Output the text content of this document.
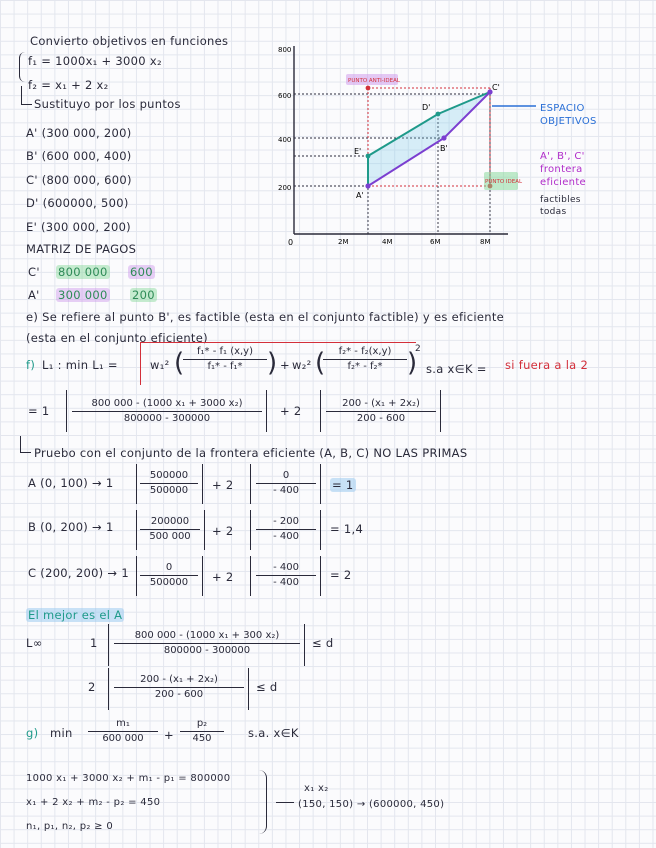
Convierto objetivos en funciones
f₁ = 1000x₁ + 3000 x₂
f₂ = x₁ + 2 x₂
Sustituyo por los puntos
A' (300 000, 200)
B' (600 000, 400)
C' (800 000, 600)
D' (600000, 500)
E' (300 000, 200)
MATRIZ DE PAGOS
C' 800 000 600
A' 300 000 200
800
600
400
200
0	2M	4M	6M	8M
A'
B'
C'
D'
E'
PUNTO ANTI-IDEAL
PUNTO IDEAL
ESPACIO OBJETIVOS
A', B', C' frontera eficiente
factibles todas
e) Se refiere al punto B', es factible (esta en el conjunto factible) y es eficiente
(esta en el conjunto eficiente)
f) L₁ : min L₁ =	w₁² (
$\frac{\text{f₁* - f₁ (x,y)}}{\text{f₁* - f₁*}}$ ) + w₂² (
$\frac{\text{f₂* - f₂(x,y)}}{\text{f₂* - f₂*}}$ )
2
s.a x∈K = si fuera a la 2
= $1 \frac{\text{800 000 - (1000 x₁ + 3000 x₂)}}{800000 - 300000} + 2 \frac{\text{200 - (x₁ + 2x₂)}}{200 - 600}$
Pruebo con el conjunto de la frontera eficiente (A, B, C) NO LAS PRIMAS
A (0, 100) → 1	$\frac{500000}{500000} + 2 \frac{0}{- 400} = 1$
B (0, 200) → 1	$\frac{200000}{500 000} + 2 \frac{- 200}{- 400} = 1,4$
C (200, $200) \to 1 \frac{0}{500000} + 2 \frac{- 400}{- 400} = 2$
El mejor es el A
L∞	$1 \frac{\text{800 000 - (1000 x₁ + 300 x₂)}}{800000 - 300000} \le d$
$2 \frac{\text{200 - (x₁ + 2x₂)}}{200 - 600} \le d$
g) $\min \frac{\text{m₁}}{600 000} + \frac{\text{p₂}}{450} s.a$. x∈K
1000 x₁ + 3000 x₂ + m₁ - p₁ = 800000
x₁ + 2 x₂ + m₂ - p₂ = 450
n₁, p₁, n₂, p₂ ≥ 0
x₁ x₂
(150, 150) → (600000, 450)
